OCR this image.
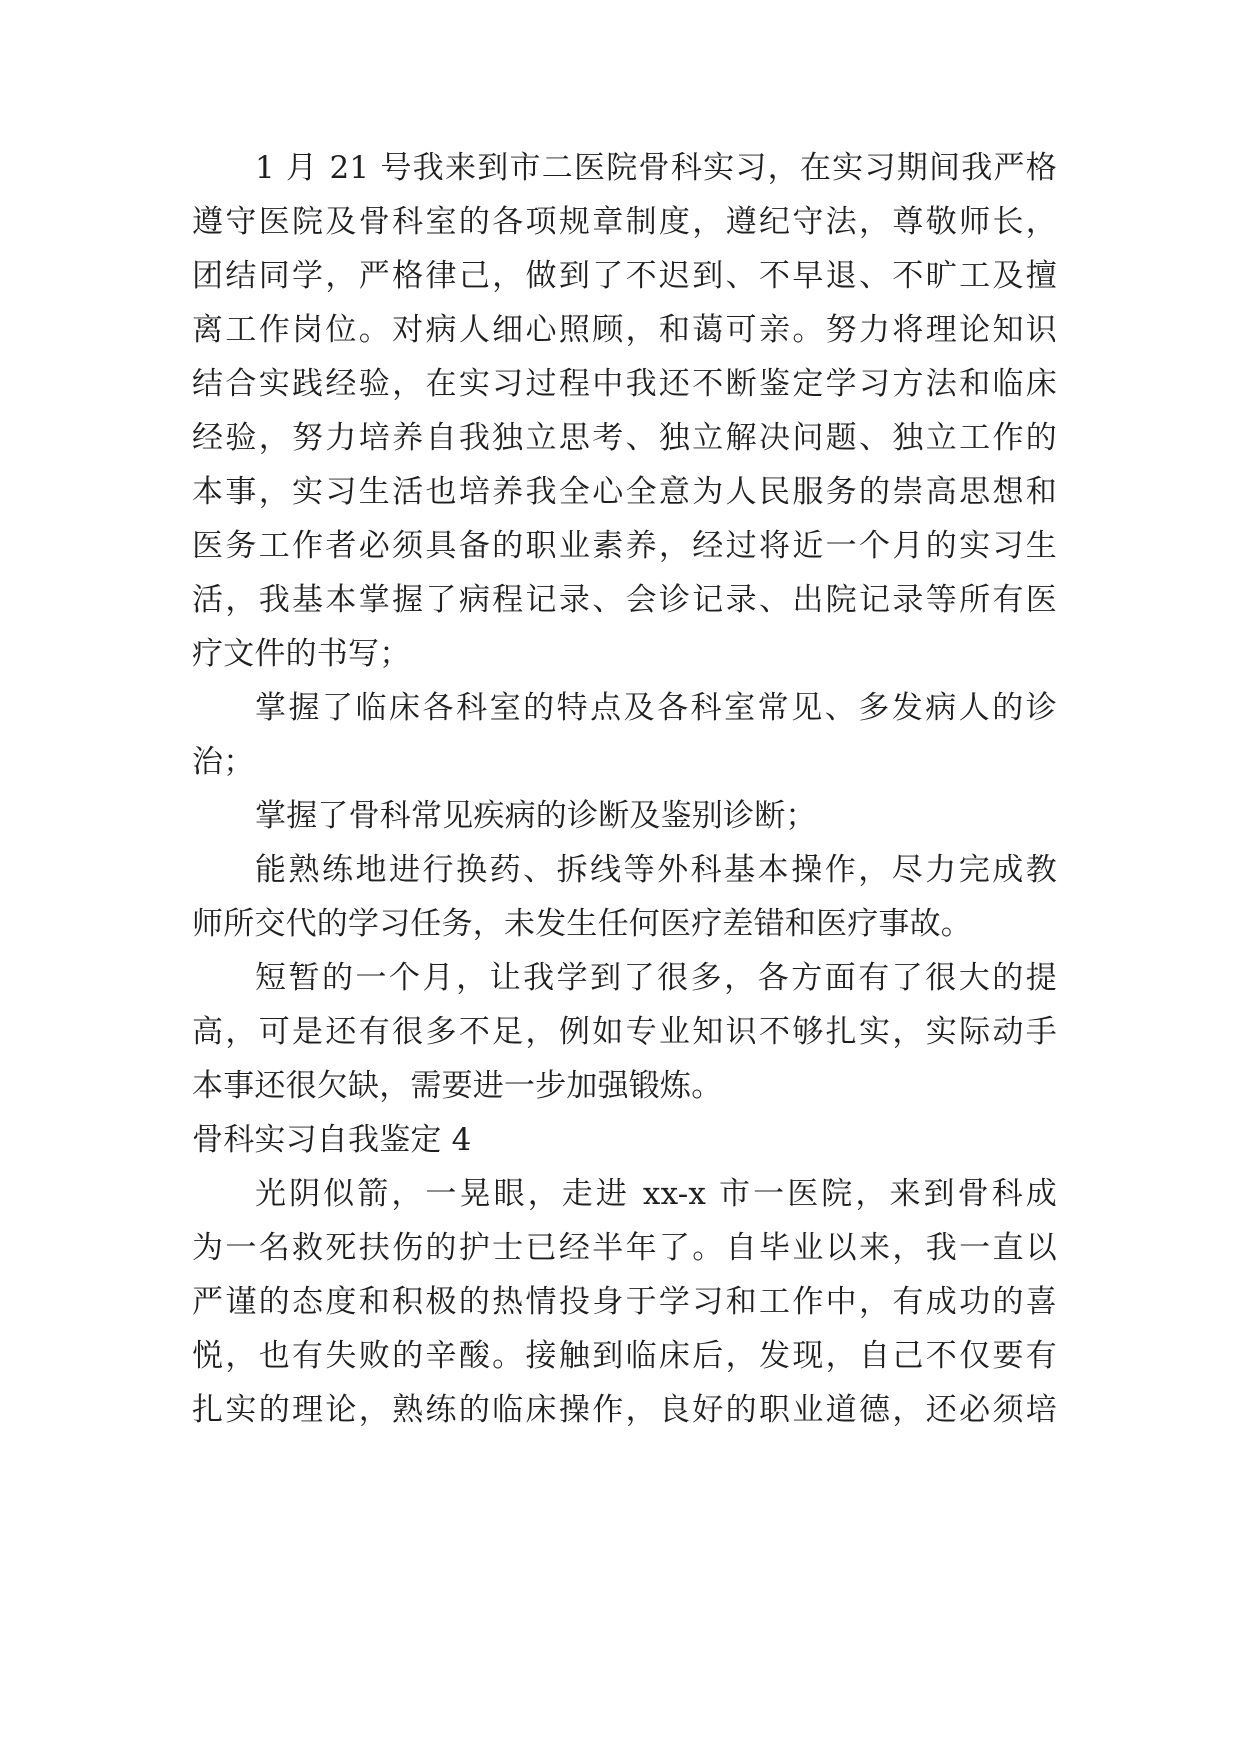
1 月 21 号我来到市二医院骨科实习，在实习期间我严格
遵守医院及骨科室的各项规章制度，遵纪守法，尊敬师长，
团结同学，严格律己，做到了不迟到、不早退、不旷工及擅
离工作岗位。对病人细心照顾，和蔼可亲。努力将理论知识
结合实践经验，在实习过程中我还不断鉴定学习方法和临床
经验，努力培养自我独立思考、独立解决问题、独立工作的
本事，实习生活也培养我全心全意为人民服务的崇高思想和
医务工作者必须具备的职业素养，经过将近一个月的实习生
活，我基本掌握了病程记录、会诊记录、出院记录等所有医
疗文件的书写；
掌握了临床各科室的特点及各科室常见、多发病人的诊
治；
掌握了骨科常见疾病的诊断及鉴别诊断；
能熟练地进行换药、拆线等外科基本操作，尽力完成教
师所交代的学习任务，未发生任何医疗差错和医疗事故。
短暂的一个月，让我学到了很多，各方面有了很大的提
高，可是还有很多不足，例如专业知识不够扎实，实际动手
本事还很欠缺，需要进一步加强锻炼。
骨科实习自我鉴定 4
光阴似箭，一晃眼，走进 xx-x 市一医院，来到骨科成
为一名救死扶伤的护士已经半年了。自毕业以来，我一直以
严谨的态度和积极的热情投身于学习和工作中，有成功的喜
悦，也有失败的辛酸。接触到临床后，发现，自己不仅要有
扎实的理论，熟练的临床操作，良好的职业道德，还必须培
